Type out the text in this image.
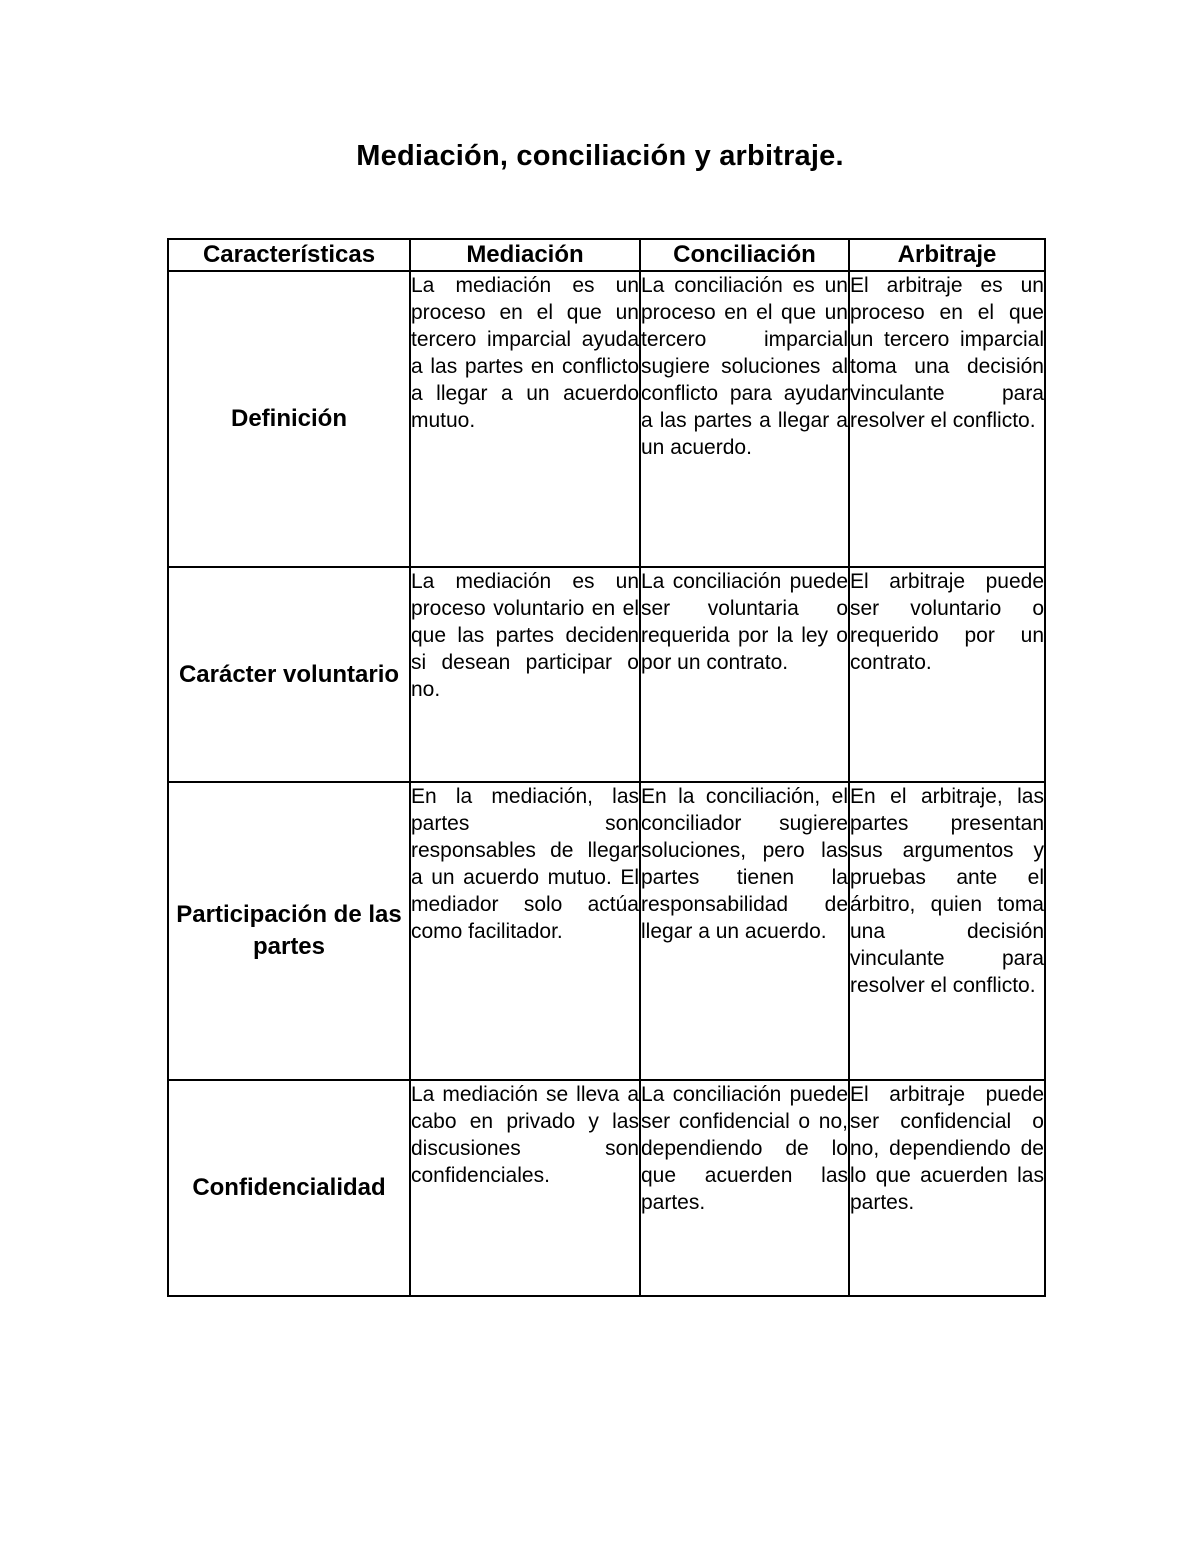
Mediación, conciliación y arbitraje.
Características	Mediación	Conciliación	Arbitraje
Definición	La mediación es un proceso en el que un tercero imparcial ayuda a las partes en conflicto a llegar a un acuerdo mutuo.	La conciliación es un proceso en el que un tercero imparcial sugiere soluciones al conflicto para ayudar a las partes a llegar a un acuerdo.	El arbitraje es un proceso en el que un tercero imparcial toma una decisión vinculante para resolver el conflicto.
Carácter voluntario	La mediación es un proceso voluntario en el que las partes deciden si desean participar o no.	La conciliación puede ser voluntaria o requerida por la ley o por un contrato.	El arbitraje puede ser voluntario o requerido por un contrato.
Participación de las partes	En la mediación, las partes son responsables de llegar a un acuerdo mutuo. El mediador solo actúa como facilitador.	En la conciliación, el conciliador sugiere soluciones, pero las partes tienen la responsabilidad de llegar a un acuerdo.	En el arbitraje, las partes presentan sus argumentos y pruebas ante el árbitro, quien toma una decisión vinculante para resolver el conflicto.
Confidencialidad	La mediación se lleva a cabo en privado y las discusiones son confidenciales.	La conciliación puede ser confidencial o no, dependiendo de lo que acuerden las partes.	El arbitraje puede ser confidencial o no, dependiendo de lo que acuerden las partes.
